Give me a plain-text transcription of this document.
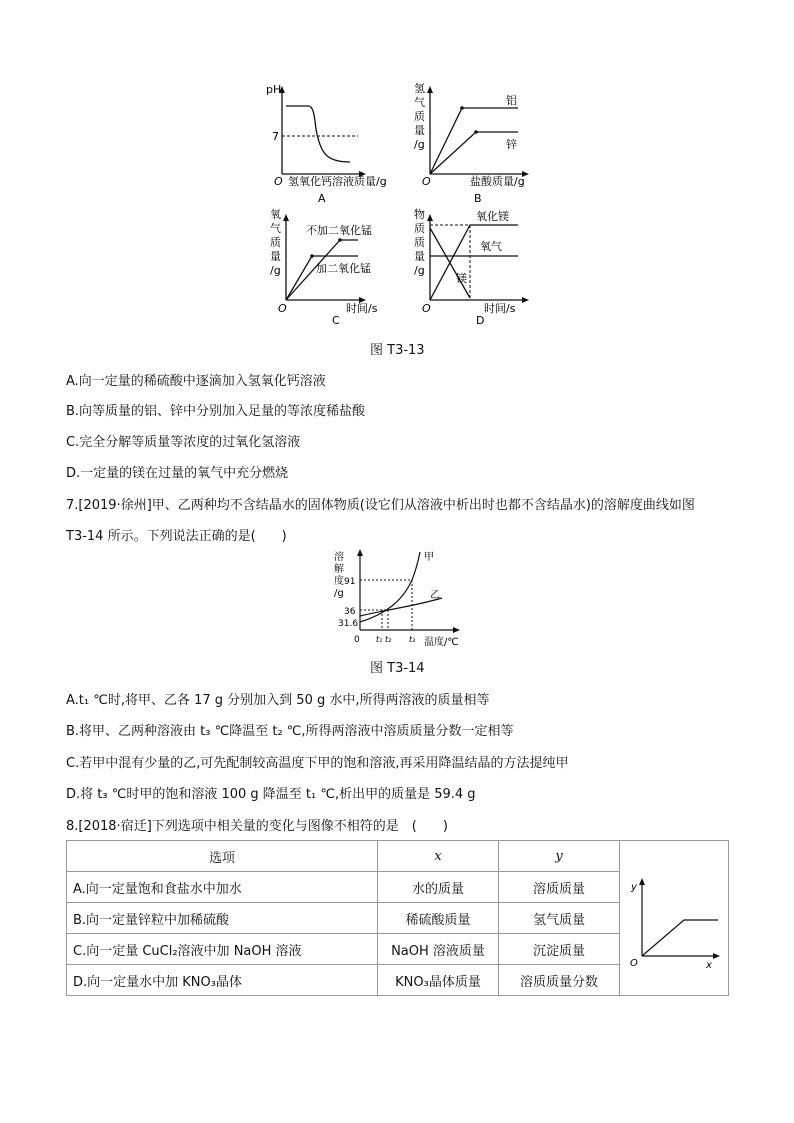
pH
7
O 氢氧化钙溶液质量/g
A
氢
气
质
量
/g
O	盐酸质量/g
铝
锌
B
氧
气
质
量
/g
O	时间/s
不加二氧化锰
加二氧化锰
C
物
质
质
量
/g
O	时间/s
氧化镁
氧气
镁
D
图 T3-13
A.向一定量的稀硫酸中逐滴加入氢氧化钙溶液
B.向等质量的铝、锌中分别加入足量的等浓度稀盐酸
C.完全分解等质量等浓度的过氧化氢溶液
D.一定量的镁在过量的氧气中充分燃烧
7.[2019·徐州]甲、乙两种均不含结晶水的固体物质(设它们从溶液中析出时也都不含结晶水)的溶解度曲线如图
T3-14 所示。下列说法正确的是(　　)
溶
解
度
/g
91
36
31.6
0 t₁ t₂ t₃ 温度/℃
甲
乙
图 T3-14
A.t₁ ℃时,将甲、乙各 17 g 分别加入到 50 g 水中,所得两溶液的质量相等
B.将甲、乙两种溶液由 t₃ ℃降温至 t₂ ℃,所得两溶液中溶质质量分数一定相等
C.若甲中混有少量的乙,可先配制较高温度下甲的饱和溶液,再采用降温结晶的方法提纯甲
D.将 t₃ ℃时甲的饱和溶液 100 g 降温至 t₁ ℃,析出甲的质量是 59.4 g
8.[2018·宿迁]下列选项中相关量的变化与图像不相符的是　(　　)
选项	x	y	y
x
O

A.向一定量饱和食盐水中加水	水的质量	溶质质量	
B.向一定量锌粒中加稀硫酸	稀硫酸质量	氢气质量	
C.向一定量 CuCl₂溶液中加 NaOH 溶液	NaOH 溶液质量	沉淀质量	
D.向一定量水中加 KNO₃晶体	KNO₃晶体质量	溶质质量分数	
